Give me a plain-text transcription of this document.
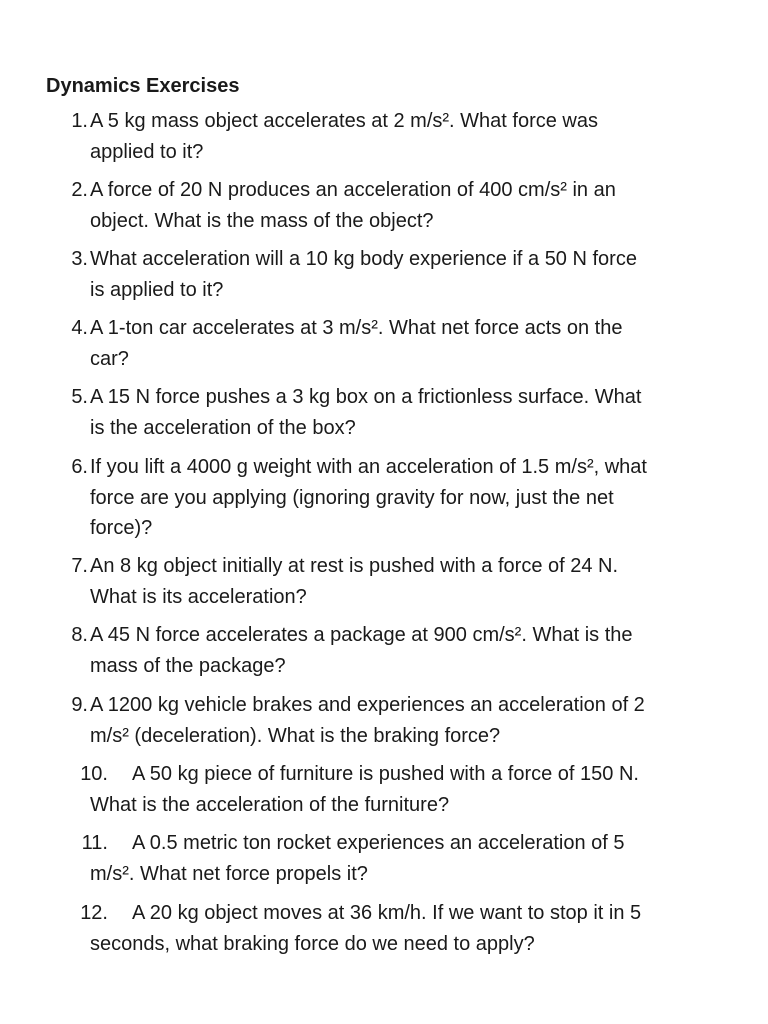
Dynamics Exercises
1. A 5 kg mass object accelerates at 2 m/s². What force was
applied to it?
2. A force of 20 N produces an acceleration of 400 cm/s² in an
object. What is the mass of the object?
3. What acceleration will a 10 kg body experience if a 50 N force
is applied to it?
4. A 1-ton car accelerates at 3 m/s². What net force acts on the
car?
5. A 15 N force pushes a 3 kg box on a frictionless surface. What
is the acceleration of the box?
6. If you lift a 4000 g weight with an acceleration of 1.5 m/s², what
force are you applying (ignoring gravity for now, just the net
force)?
7. An 8 kg object initially at rest is pushed with a force of 24 N.
What is its acceleration?
8. A 45 N force accelerates a package at 900 cm/s². What is the
mass of the package?
9. A 1200 kg vehicle brakes and experiences an acceleration of 2
m/s² (deceleration). What is the braking force?
10.	A 50 kg piece of furniture is pushed with a force of 150 N.
What is the acceleration of the furniture?
11.	A 0.5 metric ton rocket experiences an acceleration of 5
m/s². What net force propels it?
12.	A 20 kg object moves at 36 km/h. If we want to stop it in 5
seconds, what braking force do we need to apply?
